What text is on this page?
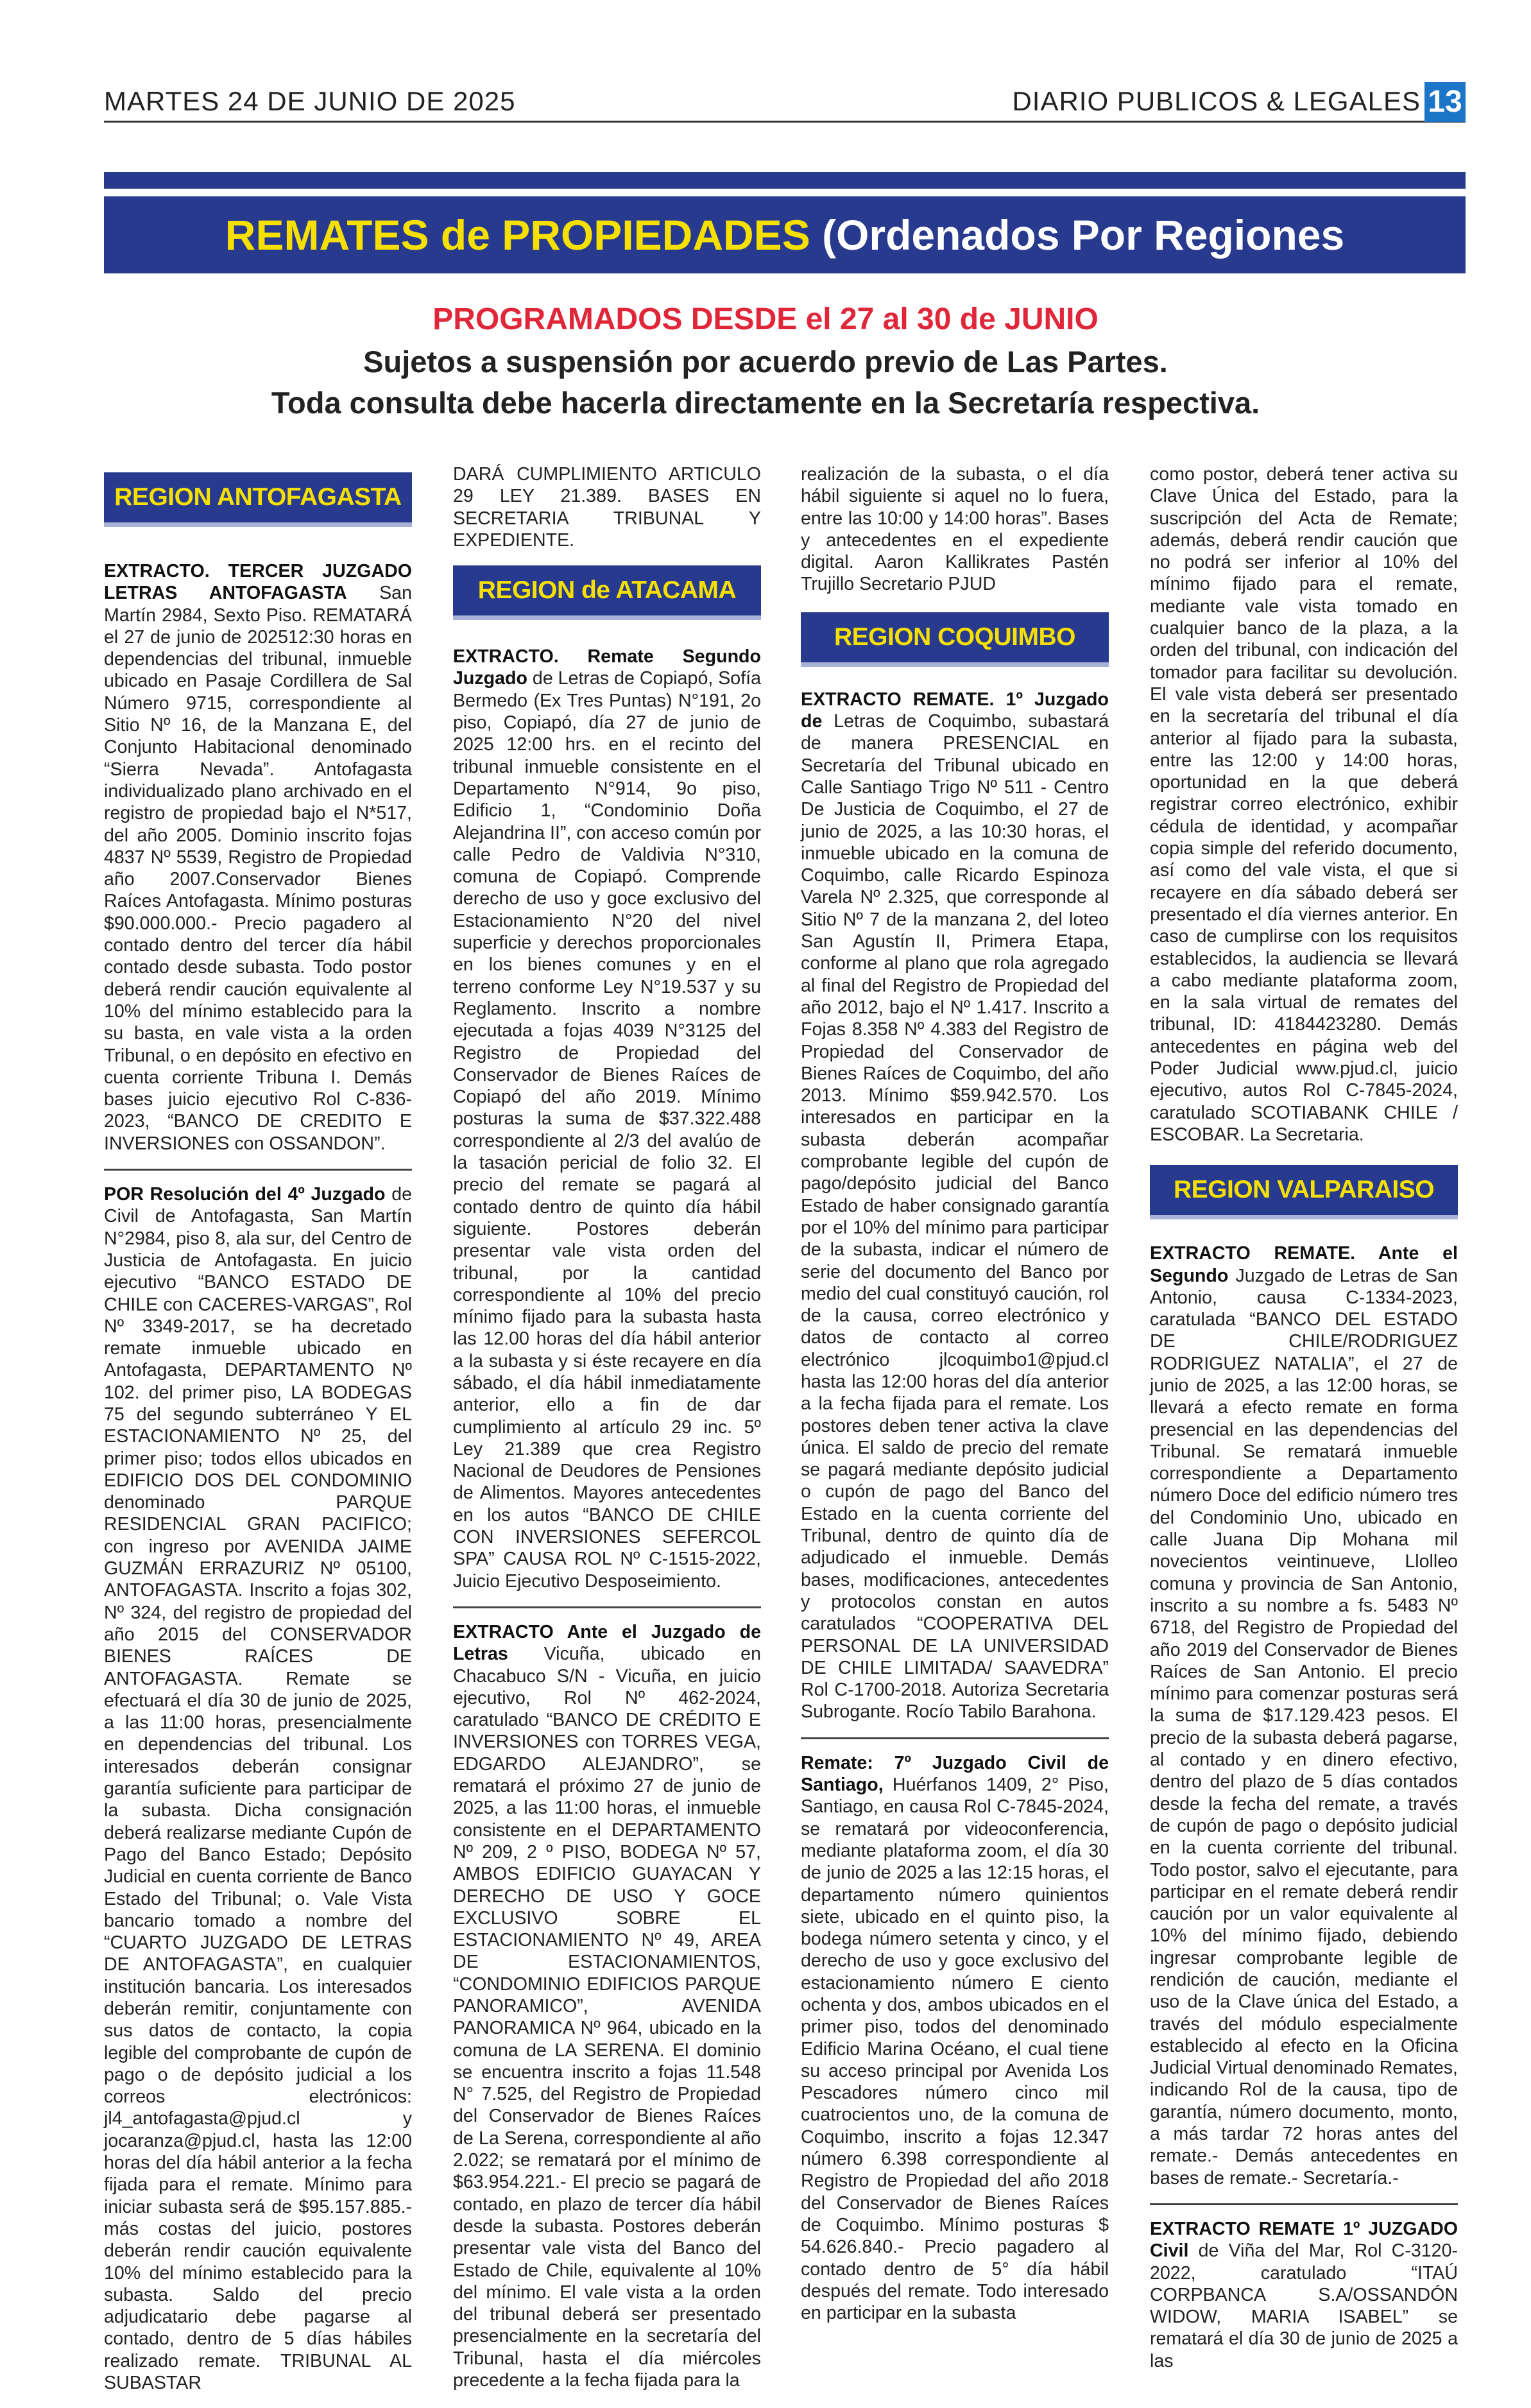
MARTES 24 DE JUNIO DE 2025	DIARIO PUBLICOS & LEGALES 13
REMATES de PROPIEDADES (Ordenados Por Regiones
PROGRAMADOS DESDE el 27 al 30 de JUNIO
Sujetos a suspensión por acuerdo previo de Las Partes.
Toda consulta debe hacerla directamente en la Secretaría respectiva.
REGION ANTOFAGASTA

EXTRACTO. TERCER JUZGADO LETRAS ANTOFAGASTA San Martín 2984, Sexto Piso. REMATARÁ el 27 de junio de 202512:30 horas en dependencias del tribunal, inmueble ubicado en Pasaje Cordillera de Sal Número 9715, correspondiente al Sitio Nº 16, de la Manzana E, del Conjunto Habitacional denominado “Sierra Nevada”. Antofagasta individualizado plano archivado en el registro de propiedad bajo el N*517, del año 2005. Dominio inscrito fojas 4837 Nº 5539, Registro de Propiedad año 2007.Conservador Bienes Raíces Antofagasta. Mínimo posturas $90.000.000.- Precio pagadero al contado dentro del tercer día hábil contado desde subasta. Todo postor deberá rendir caución equivalente al 10% del mínimo establecido para la su basta, en vale vista a la orden Tribunal, o en depósito en efectivo en cuenta corriente Tribuna I. Demás bases juicio ejecutivo Rol C-836-2023, “BANCO DE CREDITO E INVERSIONES con OSSANDON”.

POR Resolución del 4º Juzgado de Civil de Antofagasta, San Martín N°2984, piso 8, ala sur, del Centro de Justicia de Antofagasta. En juicio ejecutivo “BANCO ESTADO DE CHILE con CACERES-VARGAS”, Rol Nº 3349-2017, se ha decretado remate inmueble ubicado en Antofagasta, DEPARTAMENTO Nº 102. del primer piso, LA BODEGAS 75 del segundo subterráneo Y EL ESTACIONAMIENTO Nº 25, del primer piso; todos ellos ubicados en EDIFICIO DOS DEL CONDOMINIO denominado PARQUE RESIDENCIAL GRAN PACIFICO; con ingreso por AVENIDA JAIME GUZMÁN ERRAZURIZ Nº 05100, ANTOFAGASTA. Inscrito a fojas 302, Nº 324, del registro de propiedad del año 2015 del CONSERVADOR BIENES RAÍCES DE ANTOFAGASTA. Remate se efectuará el día 30 de junio de 2025, a las 11:00 horas, presencialmente en dependencias del tribunal. Los interesados deberán consignar garantía suficiente para participar de la subasta. Dicha consignación deberá realizarse mediante Cupón de Pago del Banco Estado; Depósito Judicial en cuenta corriente de Banco Estado del Tribunal; o. Vale Vista bancario tomado a nombre del “CUARTO JUZGADO DE LETRAS DE ANTOFAGASTA”, en cualquier institución bancaria. Los interesados deberán remitir, conjuntamente con sus datos de contacto, la copia legible del comprobante de cupón de pago o de depósito judicial a los correos electrónicos: jl4_antofagasta@pjud.cl y jocaranza@pjud.cl, hasta las 12:00 horas del día hábil anterior a la fecha fijada para el remate. Mínimo para iniciar subasta será de $95.157.885.-más costas del juicio, postores deberán rendir caución equivalente 10% del mínimo establecido para la subasta. Saldo del precio adjudicatario debe pagarse al contado, dentro de 5 días hábiles realizado remate. TRIBUNAL AL SUBASTAR

DARÁ CUMPLIMIENTO ARTICULO 29 LEY 21.389. BASES EN SECRETARIA TRIBUNAL Y EXPEDIENTE.

REGION de ATACAMA

EXTRACTO. Remate Segundo Juzgado de Letras de Copiapó, Sofía Bermedo (Ex Tres Puntas) N°191, 2o piso, Copiapó, día 27 de junio de 2025 12:00 hrs. en el recinto del tribunal inmueble consistente en el Departamento N°914, 9o piso, Edificio 1, “Condominio Doña Alejandrina II”, con acceso común por calle Pedro de Valdivia N°310, comuna de Copiapó. Comprende derecho de uso y goce exclusivo del Estacionamiento N°20 del nivel superficie y derechos proporcionales en los bienes comunes y en el terreno conforme Ley N°19.537 y su Reglamento. Inscrito a nombre ejecutada a fojas 4039 N°3125 del Registro de Propiedad del Conservador de Bienes Raíces de Copiapó del año 2019. Mínimo posturas la suma de $37.322.488 correspondiente al 2/3 del avalúo de la tasación pericial de folio 32. El precio del remate se pagará al contado dentro de quinto día hábil siguiente. Postores deberán presentar vale vista orden del tribunal, por la cantidad correspondiente al 10% del precio mínimo fijado para la subasta hasta las 12.00 horas del día hábil anterior a la subasta y si éste recayere en día sábado, el día hábil inmediatamente anterior, ello a fin de dar cumplimiento al artículo 29 inc. 5º Ley 21.389 que crea Registro Nacional de Deudores de Pensiones de Alimentos. Mayores antecedentes en los autos “BANCO DE CHILE CON INVERSIONES SEFERCOL SPA” CAUSA ROL Nº C-1515-2022, Juicio Ejecutivo Desposeimiento.

EXTRACTO Ante el Juzgado de Letras Vicuña, ubicado en Chacabuco S/N - Vicuña, en juicio ejecutivo, Rol Nº 462-2024, caratulado “BANCO DE CRÉDITO E INVERSIONES con TORRES VEGA, EDGARDO ALEJANDRO”, se rematará el próximo 27 de junio de 2025, a las 11:00 horas, el inmueble consistente en el DEPARTAMENTO Nº 209, 2 º PISO, BODEGA Nº 57, AMBOS EDIFICIO GUAYACAN Y DERECHO DE USO Y GOCE EXCLUSIVO SOBRE EL ESTACIONAMIENTO Nº 49, AREA DE ESTACIONAMIENTOS, “CONDOMINIO EDIFICIOS PARQUE PANORAMICO”, AVENIDA PANORAMICA Nº 964, ubicado en la comuna de LA SERENA. El dominio se encuentra inscrito a fojas 11.548 N° 7.525, del Registro de Propiedad del Conservador de Bienes Raíces de La Serena, correspondiente al año 2.022; se rematará por el mínimo de $63.954.221.- El precio se pagará de contado, en plazo de tercer día hábil desde la subasta. Postores deberán presentar vale vista del Banco del Estado de Chile, equivalente al 10% del mínimo. El vale vista a la orden del tribunal deberá ser presentado presencialmente en la secretaría del Tribunal, hasta el día miércoles precedente a la fecha fijada para la

realización de la subasta, o el día hábil siguiente si aquel no lo fuera, entre las 10:00 y 14:00 horas”. Bases y antecedentes en el expediente digital. Aaron Kallikrates Pastén Trujillo Secretario PJUD

REGION COQUIMBO

EXTRACTO REMATE. 1º Juzgado de Letras de Coquimbo, subastará de manera PRESENCIAL en Secretaría del Tribunal ubicado en Calle Santiago Trigo Nº 511 - Centro De Justicia de Coquimbo, el 27 de junio de 2025, a las 10:30 horas, el inmueble ubicado en la comuna de Coquimbo, calle Ricardo Espinoza Varela Nº 2.325, que corresponde al Sitio Nº 7 de la manzana 2, del loteo San Agustín II, Primera Etapa, conforme al plano que rola agregado al final del Registro de Propiedad del año 2012, bajo el Nº 1.417. Inscrito a Fojas 8.358 Nº 4.383 del Registro de Propiedad del Conservador de Bienes Raíces de Coquimbo, del año 2013. Mínimo $59.942.570. Los interesados en participar en la subasta deberán acompañar comprobante legible del cupón de pago/depósito judicial del Banco Estado de haber consignado garantía por el 10% del mínimo para participar de la subasta, indicar el número de serie del documento del Banco por medio del cual constituyó caución, rol de la causa, correo electrónico y datos de contacto al correo electrónico jlcoquimbo1@pjud.cl hasta las 12:00 horas del día anterior a la fecha fijada para el remate. Los postores deben tener activa la clave única. El saldo de precio del remate se pagará mediante depósito judicial o cupón de pago del Banco del Estado en la cuenta corriente del Tribunal, dentro de quinto día de adjudicado el inmueble. Demás bases, modificaciones, antecedentes y protocolos constan en autos caratulados “COOPERATIVA DEL PERSONAL DE LA UNIVERSIDAD DE CHILE LIMITADA/ SAAVEDRA” Rol C-1700-2018. Autoriza Secretaria Subrogante. Rocío Tabilo Barahona.

Remate: 7º Juzgado Civil de Santiago, Huérfanos 1409, 2° Piso, Santiago, en causa Rol C-7845-2024, se rematará por videoconferencia, mediante plataforma zoom, el día 30 de junio de 2025 a las 12:15 horas, el departamento número quinientos siete, ubicado en el quinto piso, la bodega número setenta y cinco, y el derecho de uso y goce exclusivo del estacionamiento número E ciento ochenta y dos, ambos ubicados en el primer piso, todos del denominado Edificio Marina Océano, el cual tiene su acceso principal por Avenida Los Pescadores número cinco mil cuatrocientos uno, de la comuna de Coquimbo, inscrito a fojas 12.347 número 6.398 correspondiente al Registro de Propiedad del año 2018 del Conservador de Bienes Raíces de Coquimbo. Mínimo posturas $ 54.626.840.- Precio pagadero al contado dentro de 5° día hábil después del remate. Todo interesado en participar en la subasta

como postor, deberá tener activa su Clave Única del Estado, para la suscripción del Acta de Remate; además, deberá rendir caución que no podrá ser inferior al 10% del mínimo fijado para el remate, mediante vale vista tomado en cualquier banco de la plaza, a la orden del tribunal, con indicación del tomador para facilitar su devolución. El vale vista deberá ser presentado en la secretaría del tribunal el día anterior al fijado para la subasta, entre las 12:00 y 14:00 horas, oportunidad en la que deberá registrar correo electrónico, exhibir cédula de identidad, y acompañar copia simple del referido documento, así como del vale vista, el que si recayere en día sábado deberá ser presentado el día viernes anterior. En caso de cumplirse con los requisitos establecidos, la audiencia se llevará a cabo mediante plataforma zoom, en la sala virtual de remates del tribunal, ID: 4184423280. Demás antecedentes en página web del Poder Judicial www.pjud.cl, juicio ejecutivo, autos Rol C-7845-2024, caratulado SCOTIABANK CHILE / ESCOBAR. La Secretaria.

REGION VALPARAISO

EXTRACTO REMATE. Ante el Segundo Juzgado de Letras de San Antonio, causa C-1334-2023, caratulada “BANCO DEL ESTADO DE CHILE/RODRIGUEZ RODRIGUEZ NATALIA”, el 27 de junio de 2025, a las 12:00 horas, se llevará a efecto remate en forma presencial en las dependencias del Tribunal. Se rematará inmueble correspondiente a Departamento número Doce del edificio número tres del Condominio Uno, ubicado en calle Juana Dip Mohana mil novecientos veintinueve, Llolleo comuna y provincia de San Antonio, inscrito a su nombre a fs. 5483 Nº 6718, del Registro de Propiedad del año 2019 del Conservador de Bienes Raíces de San Antonio. El precio mínimo para comenzar posturas será la suma de $17.129.423 pesos. El precio de la subasta deberá pagarse, al contado y en dinero efectivo, dentro del plazo de 5 días contados desde la fecha del remate, a través de cupón de pago o depósito judicial en la cuenta corriente del tribunal. Todo postor, salvo el ejecutante, para participar en el remate deberá rendir caución por un valor equivalente al 10% del mínimo fijado, debiendo ingresar comprobante legible de rendición de caución, mediante el uso de la Clave única del Estado, a través del módulo especialmente establecido al efecto en la Oficina Judicial Virtual denominado Remates, indicando Rol de la causa, tipo de garantía, número documento, monto, a más tardar 72 horas antes del remate.- Demás antecedentes en bases de remate.- Secretaría.-

EXTRACTO REMATE 1º JUZGADO Civil de Viña del Mar, Rol C-3120-2022, caratulado “ITAÚ CORPBANCA S.A/OSSANDÓN WIDOW, MARIA ISABEL” se rematará el día 30 de junio de 2025 a las
